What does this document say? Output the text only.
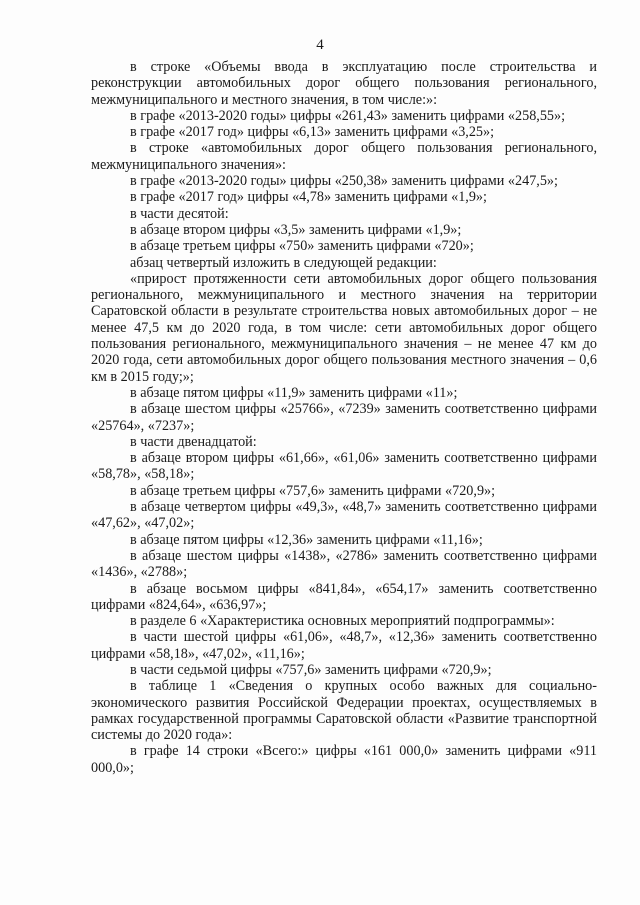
4

в строке «Объемы ввода в эксплуатацию после строительства и реконструкции автомобильных дорог общего пользования регионального, межмуниципального и местного значения, в том числе:»:

в графе «2013-2020 годы» цифры «261,43» заменить цифрами «258,55»;

в графе «2017 год» цифры «6,13» заменить цифрами «3,25»;

в строке «автомобильных дорог общего пользования регионального, межмуниципального значения»:

в графе «2013-2020 годы» цифры «250,38» заменить цифрами «247,5»;

в графе «2017 год» цифры «4,78» заменить цифрами «1,9»;

в части десятой:

в абзаце втором цифры «3,5» заменить цифрами «1,9»;

в абзаце третьем цифры «750» заменить цифрами «720»;

абзац четвертый изложить в следующей редакции:

«прирост протяженности сети автомобильных дорог общего пользования регионального, межмуниципального и местного значения на территории Саратовской области в результате строительства новых автомобильных дорог – не менее 47,5 км до 2020 года, в том числе: сети автомобильных дорог общего пользования регионального, межмуниципального значения – не менее 47 км до 2020 года, сети автомобильных дорог общего пользования местного значения – 0,6 км в 2015 году;»;

в абзаце пятом цифры «11,9» заменить цифрами «11»;

в абзаце шестом цифры «25766», «7239» заменить соответственно цифрами «25764», «7237»;

в части двенадцатой:

в абзаце втором цифры «61,66», «61,06» заменить соответственно цифрами «58,78», «58,18»;

в абзаце третьем цифры «757,6» заменить цифрами «720,9»;

в абзаце четвертом цифры «49,3», «48,7» заменить соответственно цифрами «47,62», «47,02»;

в абзаце пятом цифры «12,36» заменить цифрами «11,16»;

в абзаце шестом цифры «1438», «2786» заменить соответственно цифрами «1436», «2788»;

в абзаце восьмом цифры «841,84», «654,17» заменить соответственно цифрами «824,64», «636,97»;

в разделе 6 «Характеристика основных мероприятий подпрограммы»:

в части шестой цифры «61,06», «48,7», «12,36» заменить соответственно цифрами «58,18», «47,02», «11,16»;

в части седьмой цифры «757,6» заменить цифрами «720,9»;

в таблице 1 «Сведения о крупных особо важных для социально-экономического развития Российской Федерации проектах, осуществляемых в рамках государственной программы Саратовской области «Развитие транспортной системы до 2020 года»:

в графе 14 строки «Всего:» цифры «161 000,0» заменить цифрами «911 000,0»;
